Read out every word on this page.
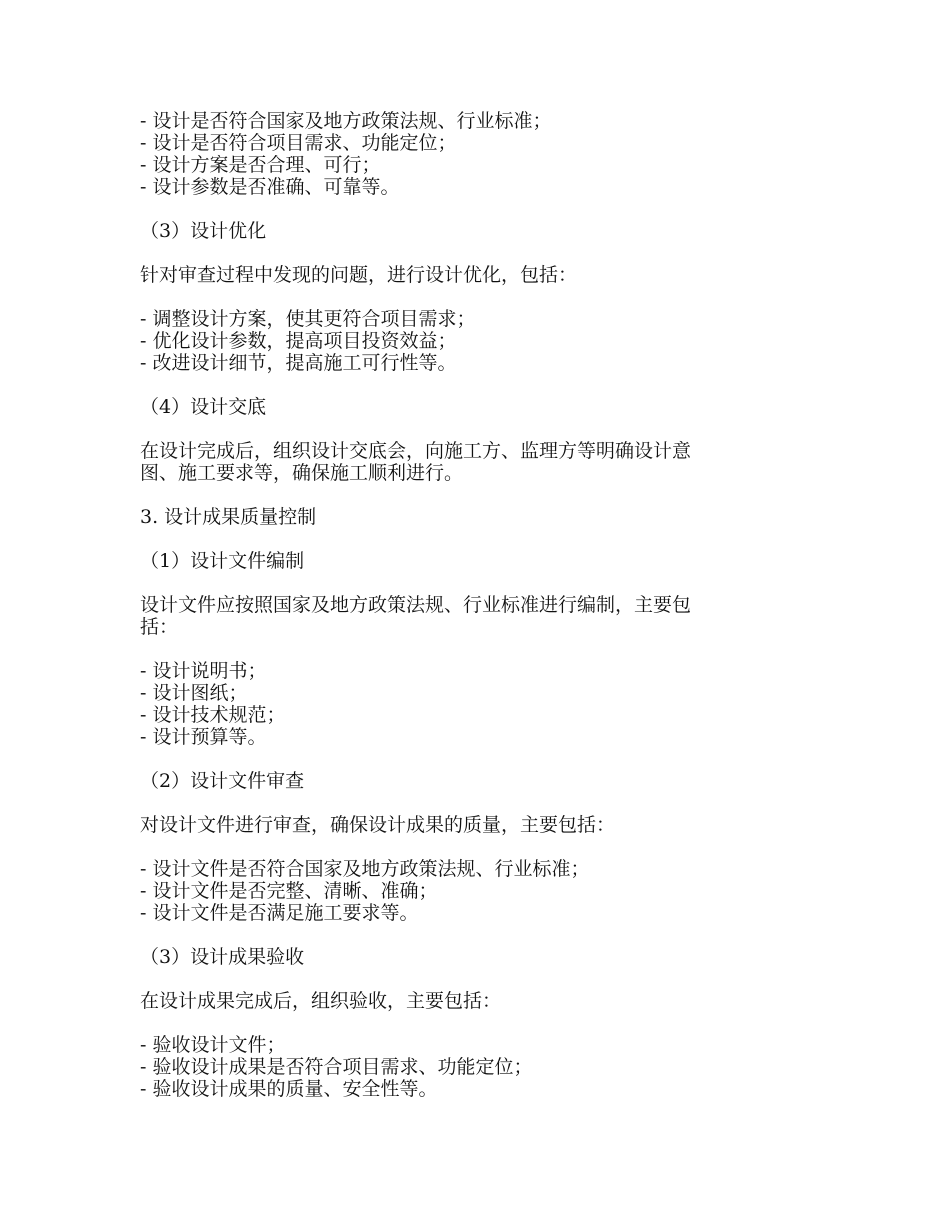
- 设计是否符合国家及地方政策法规、行业标准；
- 设计是否符合项目需求、功能定位；
- 设计方案是否合理、可行；
- 设计参数是否准确、可靠等。
（3）设计优化
针对审查过程中发现的问题，进行设计优化，包括：
- 调整设计方案，使其更符合项目需求；
- 优化设计参数，提高项目投资效益；
- 改进设计细节，提高施工可行性等。
（4）设计交底
在设计完成后，组织设计交底会，向施工方、监理方等明确设计意
图、施工要求等，确保施工顺利进行。
3. 设计成果质量控制
（1）设计文件编制
设计文件应按照国家及地方政策法规、行业标准进行编制，主要包
括：
- 设计说明书；
- 设计图纸；
- 设计技术规范；
- 设计预算等。
（2）设计文件审查
对设计文件进行审查，确保设计成果的质量，主要包括：
- 设计文件是否符合国家及地方政策法规、行业标准；
- 设计文件是否完整、清晰、准确；
- 设计文件是否满足施工要求等。
（3）设计成果验收
在设计成果完成后，组织验收，主要包括：
- 验收设计文件；
- 验收设计成果是否符合项目需求、功能定位；
- 验收设计成果的质量、安全性等。
